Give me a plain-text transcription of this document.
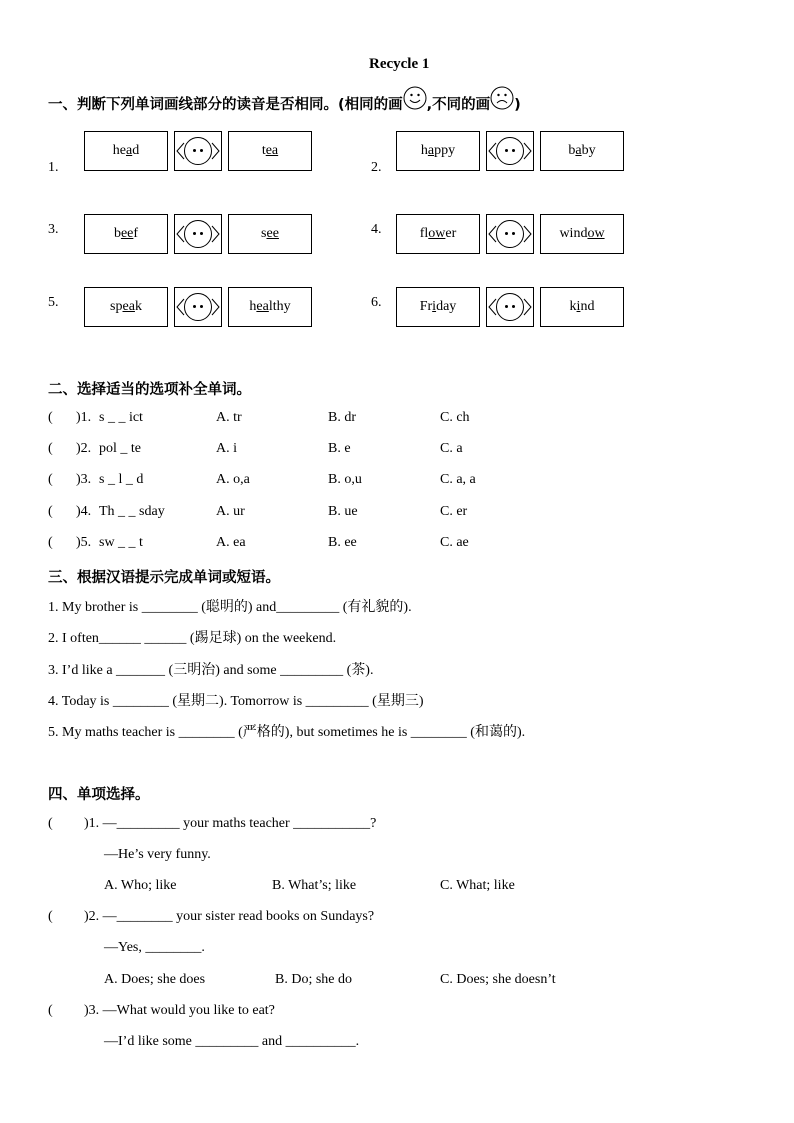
Recycle 1
一、判断下列单词画线部分的读音是否相同。(相同的画 ,不同的画 )
1.
he a d	t ea
2.
h a ppy	b a by
3.	b ee f	s ee	4.	fl ow er	wind ow
5.	sp ea k	h ea lthy	6.	Fr i day	k i nd
二、选择适当的选项补全单词。
( )1. s _ _ ict	A. tr	B. dr	C. ch
( )2. pol _ te	A. i	B. e	C. a
( )3. s _ l _ d	A. o,a	B. o,u	C. a, a
( )4. Th _ _ sday	A. ur	B. ue	C. er
( )5. sw _ _ t	A. ea	B. ee	C. ae
三、根据汉语提示完成单词或短语。
1. My brother is ________ (聪明的) and_________ (有礼貌的).
2. I often______ ______ (踢足球) on the weekend.
3. I’d like a _______ (三明治) and some _________ (茶).
4. Today is ________ (星期二). Tomorrow is _________ (星期三)
5. My maths teacher is ________ (严格的), but sometimes he is ________ (和蔼的).
四、单项选择。
( )1. —_________ your maths teacher ___________?
—He’s very funny.
A. Who; like	B. What’s; like	C. What; like
( )2. —________ your sister read books on Sundays?
—Yes, ________.
A. Does; she does	B. Do; she do	C. Does; she doesn’t
( )3. —What would you like to eat?
—I’d like some _________ and __________.
